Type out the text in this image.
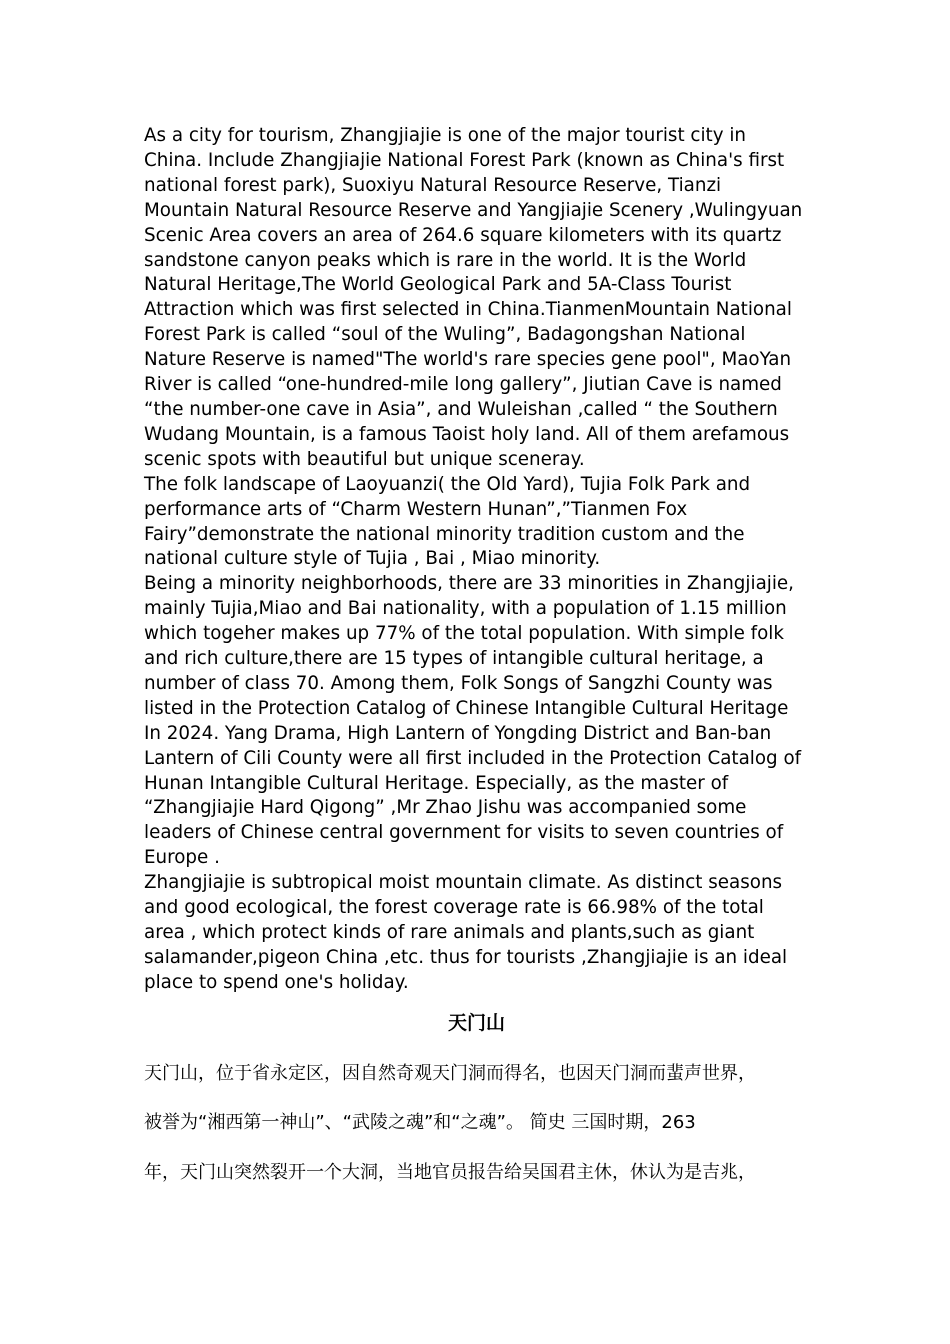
As a city for tourism, Zhangjiajie is one of the major tourist city in China. Include Zhangjiajie National Forest Park (known as China's first national forest park), Suoxiyu Natural Resource Reserve, Tianzi Mountain Natural Resource Reserve and Yangjiajie Scenery ,Wulingyuan Scenic Area covers an area of 264.6 square kilometers with its quartz sandstone canyon peaks which is rare in the world. It is the World Natural Heritage,The World Geological Park and 5A-Class Tourist Attraction which was first selected in China.TianmenMountain National Forest Park is called “soul of the Wuling”, Badagongshan National Nature Reserve is named"The world's rare species gene pool", MaoYan River is called “one-hundred-mile long gallery”, Jiutian Cave is named “the number-one cave in Asia”, and Wuleishan ,called “ the Southern Wudang Mountain, is a famous Taoist holy land. All of them arefamous scenic spots with beautiful but unique sceneray.

The folk landscape of Laoyuanzi( the Old Yard), Tujia Folk Park and performance arts of “Charm Western Hunan”,”Tianmen Fox Fairy”demonstrate the national minority tradition custom and the national culture style of Tujia , Bai , Miao minority.

Being a minority neighborhoods, there are 33 minorities in Zhangjiajie, mainly Tujia,Miao and Bai nationality, with a population of 1.15 million which togeher makes up 77% of the total population. With simple folk and rich culture,there are 15 types of intangible cultural heritage, a number of class 70. Among them, Folk Songs of Sangzhi County was listed in the Protection Catalog of Chinese Intangible Cultural Heritage In 2024. Yang Drama, High Lantern of Yongding District and Ban-ban Lantern of Cili County were all first included in the Protection Catalog of Hunan Intangible Cultural Heritage. Especially, as the master of “Zhangjiajie Hard Qigong” ,Mr Zhao Jishu was accompanied some leaders of Chinese central government for visits to seven countries of Europe .

Zhangjiajie is subtropical moist mountain climate. As distinct seasons and good ecological, the forest coverage rate is 66.98% of the total area , which protect kinds of rare animals and plants,such as giant salamander,pigeon China ,etc. thus for tourists ,Zhangjiajie is an ideal place to spend one's holiday.

天门山

天门山，位于省永定区，因自然奇观天门洞而得名，也因天门洞而蜚声世界，

被誉为“湘西第一神山”、“武陵之魂”和“之魂”。 简史 三国时期，263

年，天门山突然裂开一个大洞，当地官员报告给吴国君主休，休认为是吉兆，
